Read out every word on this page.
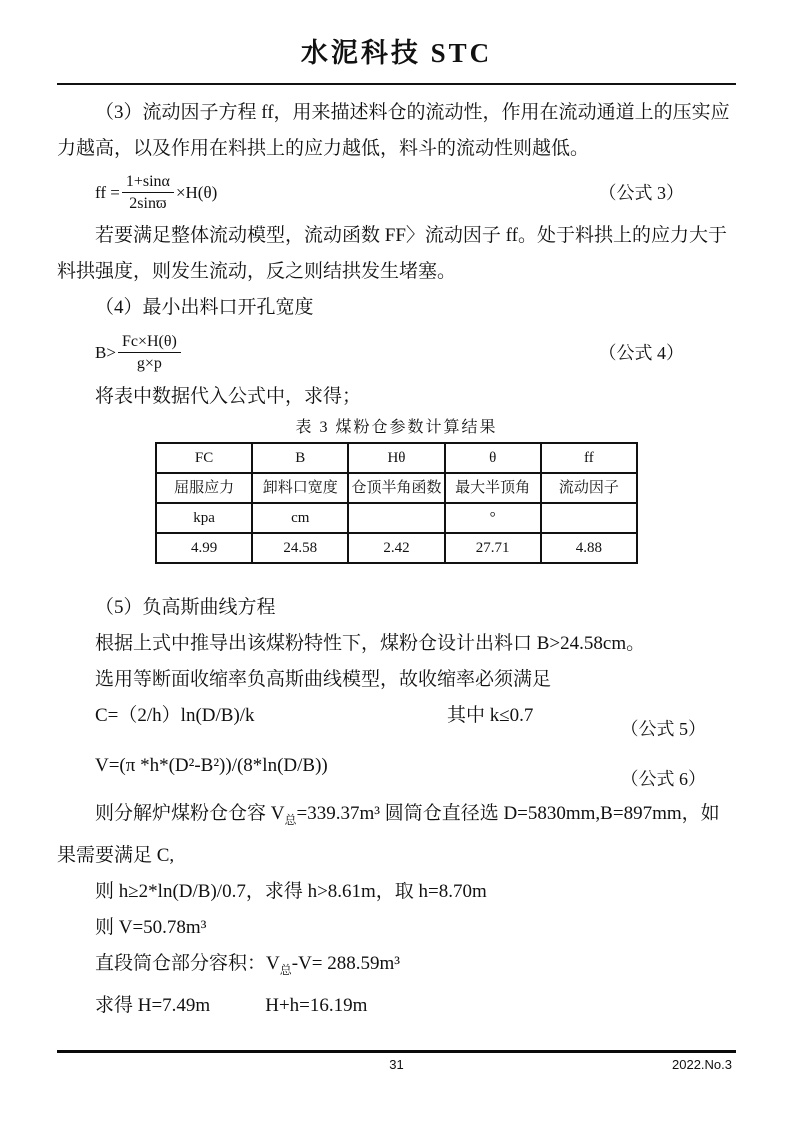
水泥科技 STC

（3）流动因子方程 ff，用来描述料仓的流动性，作用在流动通道上的压实应力越高，以及作用在料拱上的应力越低，料斗的流动性则越低。

ff = $\frac{1+\sin\alpha}{2\sin ϖ} \times H(\theta)$	（公式 3）

若要满足整体流动模型，流动函数 FF〉流动因子 ff。处于料拱上的应力大于料拱强度，则发生流动，反之则结拱发生堵塞。

（4）最小出料口开孔宽度

$B> \frac{Fc\times H(\theta)}{g\times p}$	（公式 4）

将表中数据代入公式中，求得；

表 3 煤粉仓参数计算结果

FC	B	Hθ	θ	ff
屈服应力	卸料口宽度	仓顶半角函数	最大半顶角	流动因子
kpa	cm		°	
4.99	24.58	2.42	27.71	4.88

（5）负高斯曲线方程

根据上式中推导出该煤粉特性下，煤粉仓设计出料口 B>24.58cm。

选用等断面收缩率负高斯曲线模型，故收缩率必须满足

C=（2/h）ln(D/B)/k	其中 k≤0.7
（公式 5）
V=(π *h*(D²-B²))/(8*ln(D/B))
（公式 6）

则分解炉煤粉仓仓容 $V_总=339.37m^3$ 圆筒仓直径选 D=5830mm,B=897mm，如果需要满足 C,

则 h≥2*ln(D/B)/0.7，求得 h>8.61m，取 h=8.70m

则 V=50.78m³

直段筒仓部分容积：$V_总-V= 288.59m^3$

求得 H=7.49m	H+h=16.19m

31	2022.No.3
